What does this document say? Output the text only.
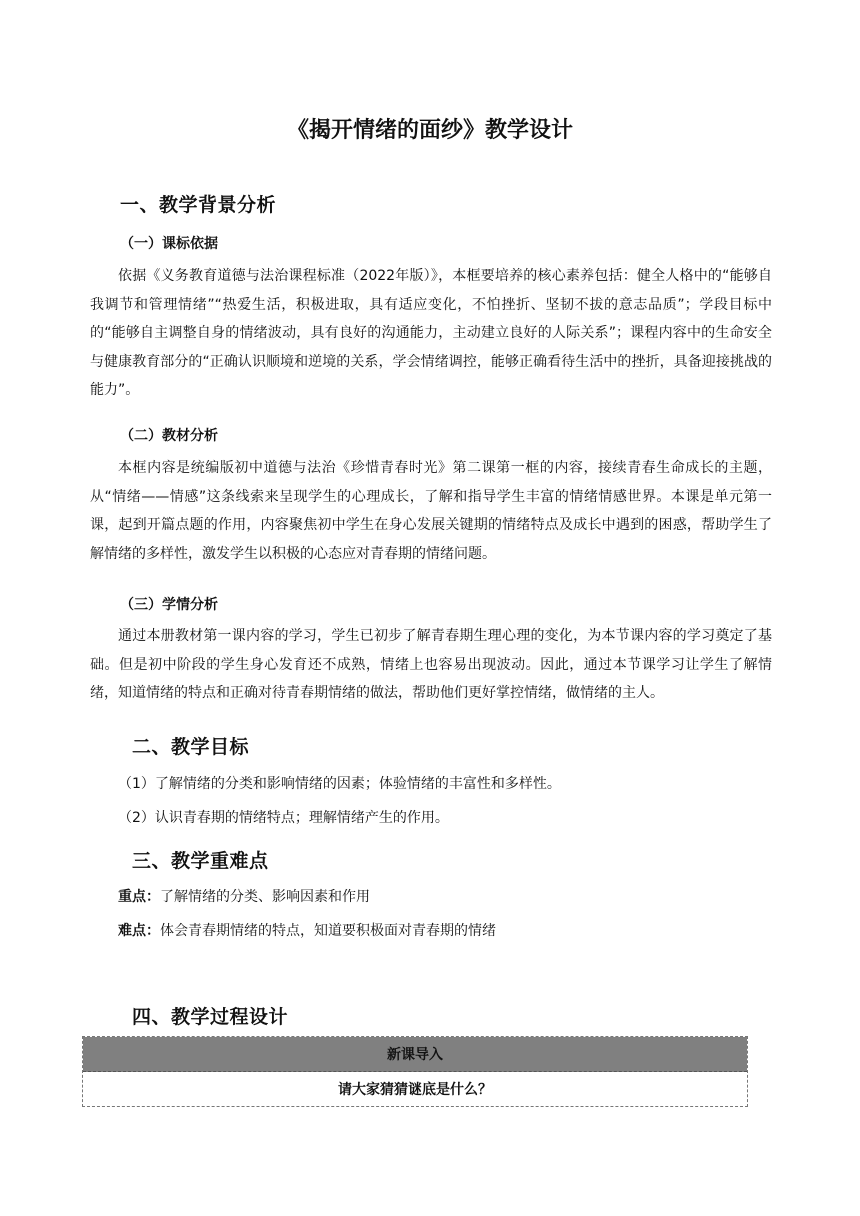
《揭开情绪的面纱》教学设计
一、教学背景分析
（一）课标依据

依据《义务教育道德与法治课程标准（2022年版）》，本框要培养的核心素养包括：健全人格中的“能够自我调节和管理情绪”“热爱生活，积极进取，具有适应变化，不怕挫折、坚韧不拔的意志品质”；学段目标中的“能够自主调整自身的情绪波动，具有良好的沟通能力，主动建立良好的人际关系”；课程内容中的生命安全与健康教育部分的“正确认识顺境和逆境的关系，学会情绪调控，能够正确看待生活中的挫折，具备迎接挑战的能力”。

（二）教材分析

本框内容是统编版初中道德与法治《珍惜青春时光》第二课第一框的内容，接续青春生命成长的主题，从“情绪——情感”这条线索来呈现学生的心理成长，了解和指导学生丰富的情绪情感世界。本课是单元第一课，起到开篇点题的作用，内容聚焦初中学生在身心发展关键期的情绪特点及成长中遇到的困惑，帮助学生了解情绪的多样性，激发学生以积极的心态应对青春期的情绪问题。

（三）学情分析

通过本册教材第一课内容的学习，学生已初步了解青春期生理心理的变化，为本节课内容的学习奠定了基础。但是初中阶段的学生身心发育还不成熟，情绪上也容易出现波动。因此，通过本节课学习让学生了解情绪，知道情绪的特点和正确对待青春期情绪的做法，帮助他们更好掌控情绪，做情绪的主人。

二、教学目标

（1）了解情绪的分类和影响情绪的因素；体验情绪的丰富性和多样性。

（2）认识青春期的情绪特点；理解情绪产生的作用。

三、教学重难点

重点：了解情绪的分类、影响因素和作用

难点：体会青春期情绪的特点，知道要积极面对青春期的情绪

四、教学过程设计
新课导入
请大家猜猜谜底是什么？
